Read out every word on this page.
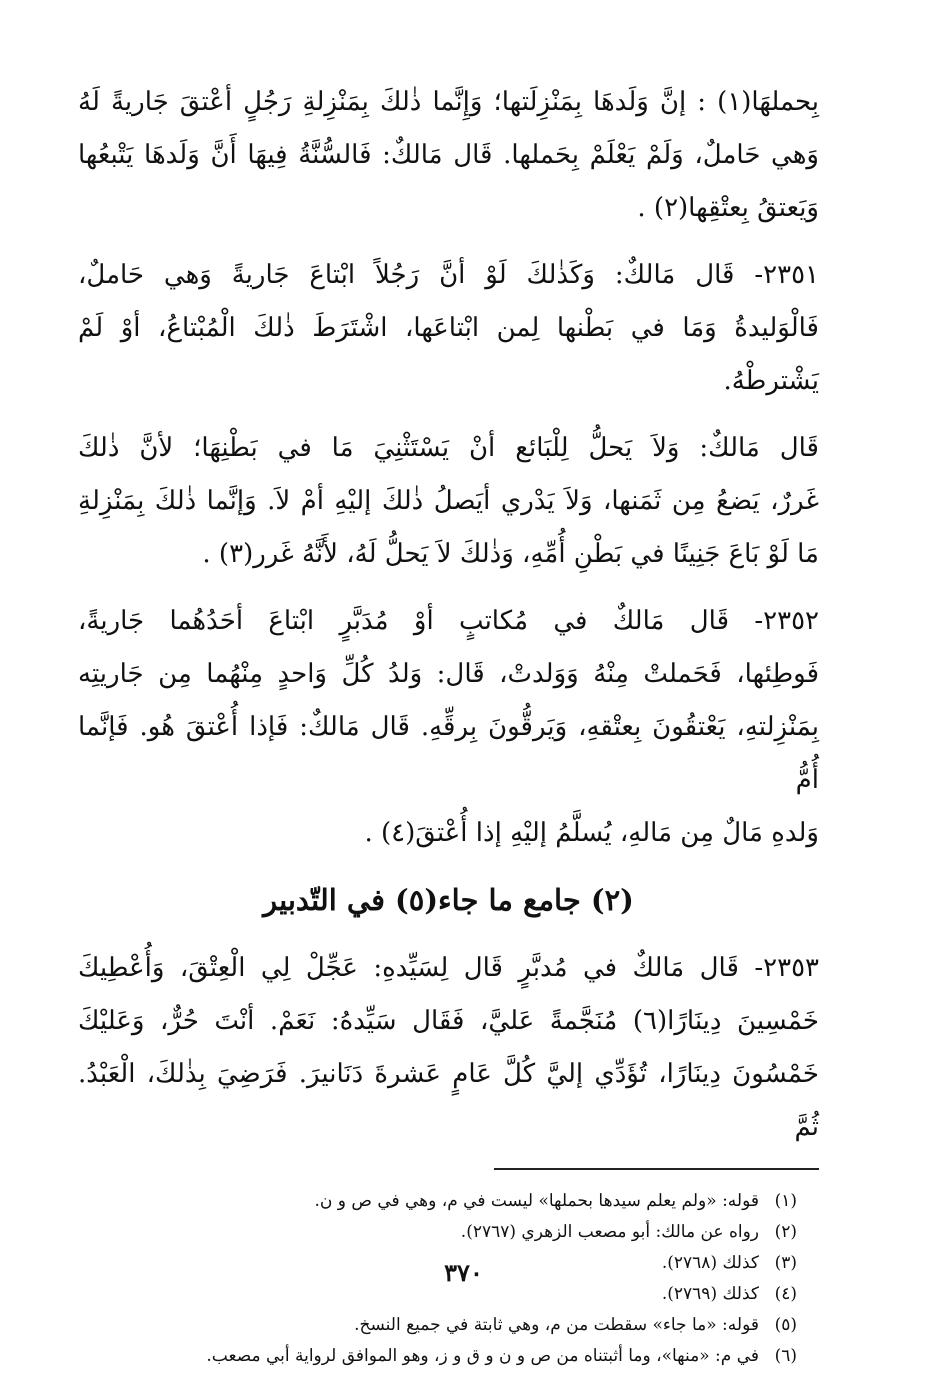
بِحملهَا(١) : إنَّ وَلَدهَا بِمَنْزِلَتها؛ وَإِنَّما ذٰلكَ بِمَنْزِلةِ رَجُلٍ أعْتقَ جَاريةً لَهُ
وَهي حَاملٌ، وَلَمْ يَعْلَمْ بِحَملها. قَال مَالكٌ: فَالسُّنَّةُ فِيهَا أَنَّ وَلَدهَا يَتْبعُها
وَيَعتقُ بِعتْقِها(٢) .

٢٣٥١- قَال مَالكٌ: وَكَذٰلكَ لَوْ أنَّ رَجُلاً ابْتاعَ جَاريةً وَهي حَاملٌ،
فَالْوَليدةُ وَمَا في بَطْنها لِمن ابْتاعَها، اشْتَرَطَ ذٰلكَ الْمُبْتاعُ، أوْ لَمْ يَشْترطْهُ.

قَال مَالكٌ: وَلاَ يَحلُّ لِلْبَائع أنْ يَسْتَثْنِيَ مَا في بَطْنِهَا؛ لأنَّ ذٰلكَ
غَررٌ، يَضعُ مِن ثَمَنها، وَلاَ يَدْري أيَصلُ ذٰلكَ إليْهِ أمْ لاَ. وَإنَّما ذٰلكَ بِمَنْزِلةِ
مَا لَوْ بَاعَ جَنِينًا في بَطْنِ أُمِّهِ، وَذٰلكَ لاَ يَحلُّ لَهُ، لأَنَّهُ غَرر(٣) .

٢٣٥٢- قَال مَالكٌ في مُكاتبٍ أوْ مُدَبَّرٍ ابْتاعَ أحَدُهُما جَاريةً،
فَوطِئها، فَحَملتْ مِنْهُ وَوَلدتْ، قَال: وَلدُ كُلِّ وَاحدٍ مِنْهُما مِن جَاريتِه
بِمَنْزِلتهِ، يَعْتقُونَ بِعتْقهِ، وَيَرقُّونَ بِرقِّهِ. قَال مَالكٌ: فَإذا أُعْتقَ هُو. فَإنَّما أُمُّ
وَلدهِ مَالٌ مِن مَالهِ، يُسلَّمُ إليْهِ إذا أُعْتقَ(٤) .

(٢) جامع ما جاء(٥) في التّدبير

٢٣٥٣- قَال مَالكٌ في مُدبَّرٍ قَال لِسَيِّدهِ: عَجِّلْ لِي الْعِتْقَ، وَأُعْطِيكَ
خَمْسِينَ دِينَارًا(٦) مُنَجَّمةً عَليَّ، فَقَال سَيِّدهُ: نَعَمْ. أنْتَ حُرٌّ، وَعَليْكَ
خَمْسُونَ دِينَارًا، تُؤَدِّي إليَّ كُلَّ عَامٍ عَشرةَ دَنَانيرَ. فَرَضِيَ بِذٰلكَ، الْعَبْدُ. ثُمَّ

(١)
قوله: «ولم يعلم سيدها بحملها» ليست في م، وهي في ص و ن.
(٢)
رواه عن مالك: أبو مصعب الزهري (٢٧٦٧).
(٣)
كذلك (٢٧٦٨).
(٤)
كذلك (٢٧٦٩).
(٥)
قوله: «ما جاء» سقطت من م، وهي ثابتة في جميع النسخ.
(٦)
في م: «منها»، وما أثبتناه من ص و ن و ق و ز، وهو الموافق لرواية أبي مصعب.
٣٧٠
